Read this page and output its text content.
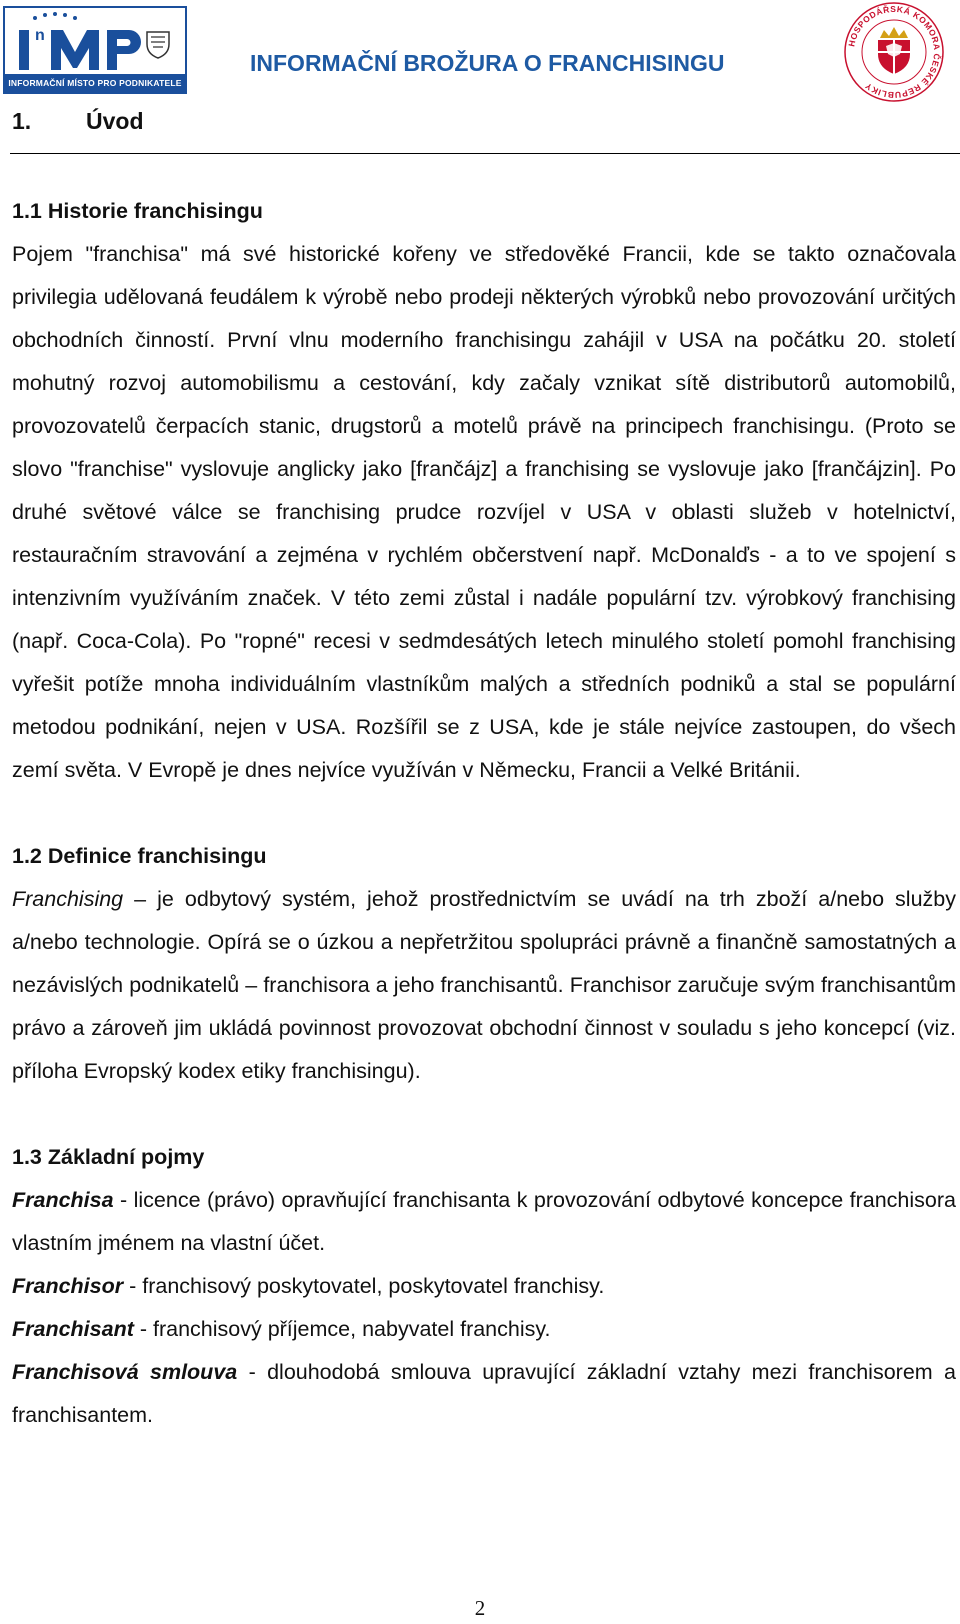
n
INFORMAČNÍ MÍSTO PRO PODNIKATELE
INFORMAČNÍ BROŽURA O FRANCHISINGU
HOSPODÁŘSKÁ KOMORA ČESKÉ REPUBLIKY
1. Úvod
1.1 Historie franchisingu

Pojem "franchisa" má své historické kořeny ve středověké Francii, kde se takto označovala privilegia udělovaná feudálem k výrobě nebo prodeji některých výrobků nebo provozování určitých obchodních činností. První vlnu moderního franchisingu zahájil v USA na počátku 20. století mohutný rozvoj automobilismu a cestování, kdy začaly vznikat sítě distributorů automobilů, provozovatelů čerpacích stanic, drugstorů a motelů právě na principech franchisingu. (Proto se slovo "franchise" vyslovuje anglicky jako [frančájz] a franchising se vyslovuje jako [frančájzin]. Po druhé světové válce se franchising prudce rozvíjel v USA v oblasti služeb v hotelnictví, restauračním stravování a zejména v rychlém občerstvení např. McDonalďs - a to ve spojení s intenzivním využíváním značek. V této zemi zůstal i nadále populární tzv. výrobkový franchising (např. Coca-Cola). Po "ropné" recesi v sedmdesátých letech minulého století pomohl franchising vyřešit potíže mnoha individuálním vlastníkům malých a středních podniků a stal se populární metodou podnikání, nejen v USA. Rozšířil se z USA, kde je stále nejvíce zastoupen, do všech zemí světa. V Evropě je dnes nejvíce využíván v Německu, Francii a Velké Británii.

1.2 Definice franchisingu

Franchising – je odbytový systém, jehož prostřednictvím se uvádí na trh zboží a/nebo služby a/nebo technologie. Opírá se o úzkou a nepřetržitou spolupráci právně a finančně samostatných a nezávislých podnikatelů – franchisora a jeho franchisantů. Franchisor zaručuje svým franchisantům právo a zároveň jim ukládá povinnost provozovat obchodní činnost v souladu s jeho koncepcí (viz. příloha Evropský kodex etiky franchisingu).

1.3 Základní pojmy

Franchisa - licence (právo) opravňující franchisanta k provozování odbytové koncepce franchisora vlastním jménem na vlastní účet.

Franchisor - franchisový poskytovatel, poskytovatel franchisy.

Franchisant - franchisový příjemce, nabyvatel franchisy.

Franchisová smlouva - dlouhodobá smlouva upravující základní vztahy mezi franchisorem a franchisantem.

2
